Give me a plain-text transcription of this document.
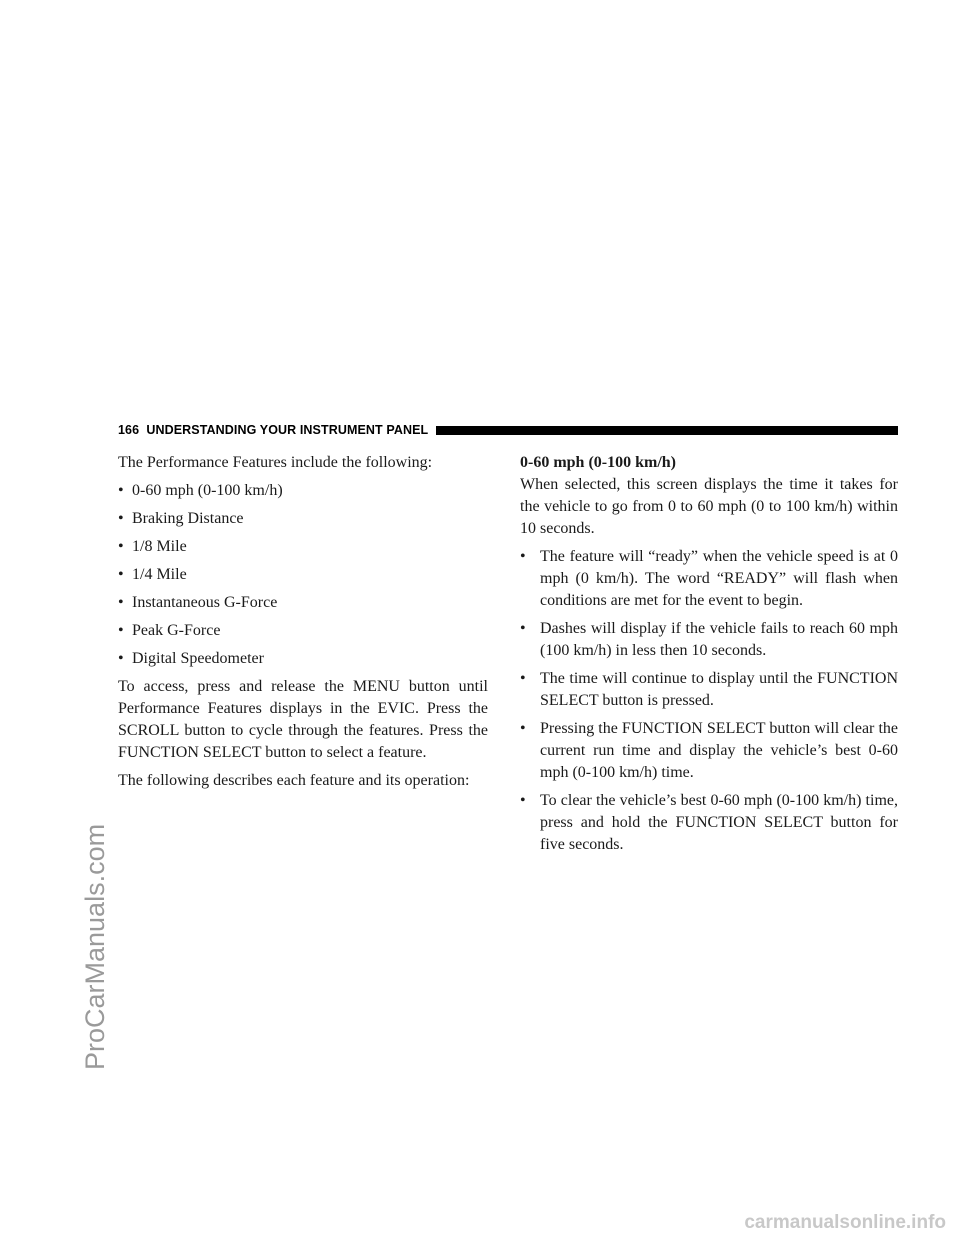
166 UNDERSTANDING YOUR INSTRUMENT PANEL

The Performance Features include the following:

• 0-60 mph (0-100 km/h)
• Braking Distance
• 1/8 Mile
• 1/4 Mile
• Instantaneous G-Force
• Peak G-Force
• Digital Speedometer

To access, press and release the MENU button until Performance Features displays in the EVIC. Press the SCROLL button to cycle through the features. Press the FUNCTION SELECT button to select a feature.

The following describes each feature and its operation:

0-60 mph (0-100 km/h)

When selected, this screen displays the time it takes for the vehicle to go from 0 to 60 mph (0 to 100 km/h) within 10 seconds.

• The feature will “ready” when the vehicle speed is at 0 mph (0 km/h). The word “READY” will flash when conditions are met for the event to begin.
• Dashes will display if the vehicle fails to reach 60 mph (100 km/h) in less then 10 seconds.
• The time will continue to display until the FUNCTION SELECT button is pressed.
• Pressing the FUNCTION SELECT button will clear the current run time and display the vehicle’s best 0-60 mph (0-100 km/h) time.
• To clear the vehicle’s best 0-60 mph (0-100 km/h) time, press and hold the FUNCTION SELECT button for five seconds.
ProCarManuals.com
carmanualsonline.info
